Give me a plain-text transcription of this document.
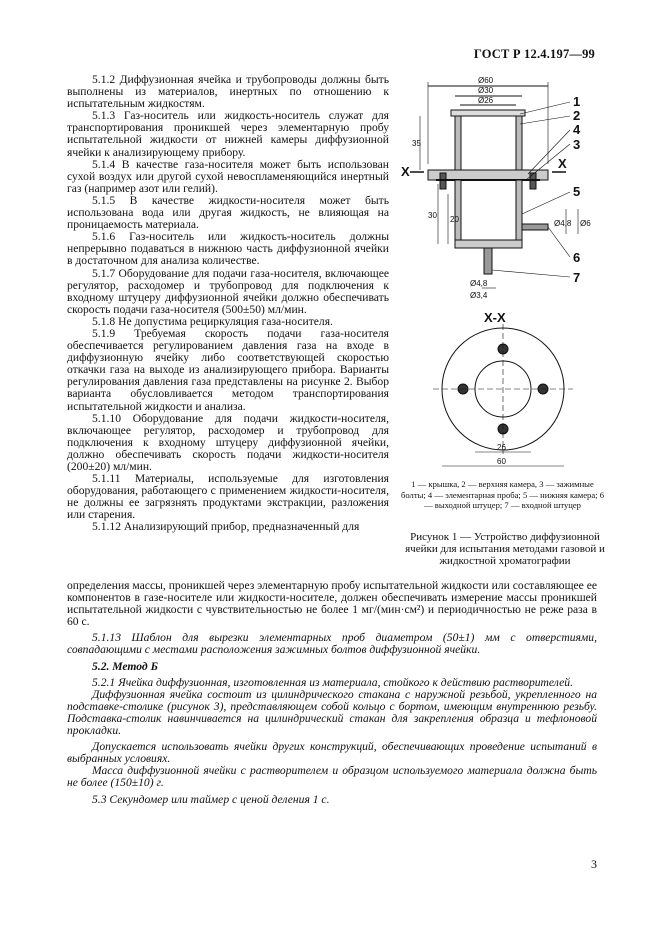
ГОСТ Р 12.4.197—99

5.1.2 Диффузионная ячейка и трубопроводы должны быть выполнены из материалов, инертных по отношению к испытательным жидкостям.

5.1.3 Газ-носитель или жидкость-носитель служат для транспортирования проникшей через элементарную пробу испытательной жидкости от нижней камеры диффузионной ячейки к анализирующему прибору.

5.1.4 В качестве газа-носителя может быть использован сухой воздух или другой сухой невоспламеняющийся инертный газ (например азот или гелий).

5.1.5 В качестве жидкости-носителя может быть использована вода или другая жидкость, не влияющая на проницаемость материала.

5.1.6 Газ-носитель или жидкость-носитель должны непрерывно подаваться в нижнюю часть диффузионной ячейки в достаточном для анализа количестве.

5.1.7 Оборудование для подачи газа-носителя, включающее регулятор, расходомер и трубопровод для подключения к входному штуцеру диффузионной ячейки должно обеспечивать скорость подачи газа-носителя (500±50) мл/мин.

5.1.8 Не допустима рециркуляция газа-носителя.

5.1.9 Требуемая скорость подачи газа-носителя обеспечивается регулированием давления газа на входе в диффузионную ячейку либо соответствующей скоростью откачки газа на выходе из анализирующего прибора. Варианты регулирования давления газа представлены на рисунке 2. Выбор варианта обусловливается методом транспортирования испытательной жидкости и анализа.

5.1.10 Оборудование для подачи жидкости-носителя, включающее регулятор, расходомер и трубопровод для подключения к входному штуцеру диффузионной ячейки, должно обеспечивать скорость подачи жидкости-носителя (200±20) мл/мин.

5.1.11 Материалы, используемые для изготовления оборудования, работающего с применением жидкости-носителя, не должны ее загрязнять продуктами экстракции, разложения или старения.

5.1.12 Анализирующий прибор, предназначенный для

Ø60
Ø30
Ø26
35
30 20	Ø4,8 Ø6
Ø4,8
Ø3,4
26
60
1
2
4
3
5
6
7
X
X
X-X
1 — крышка, 2 — верхняя камера, 3 — зажимные болты; 4 — элементарная проба; 5 — нижняя камера; 6 — выходной штуцер; 7 — входной штуцер
Рисунок 1 — Устройство диффузионной ячейки для испытания методами газовой и жидкостной хроматографии

определения массы, проникшей через элементарную пробу испытательной жидкости или составляющее ее компонентов в газе-носителе или жидкости-носителе, должен обеспечивать измерение массы проникшей испытательной жидкости с чувствительностью не более 1 мг/(мин·см²) и периодичностью не реже раза в 60 с.

5.1.13 Шаблон для вырезки элементарных проб диаметром (50±1) мм с отверстиями, совпадающими с местами расположения зажимных болтов диффузионной ячейки.

5.2. Метод Б

5.2.1 Ячейка диффузионная, изготовленная из материала, стойкого к действию растворителей.

Диффузионная ячейка состоит из цилиндрического стакана с наружной резьбой, укрепленного на подставке-столике (рисунок 3), представляющем собой кольцо с бортом, имеющим внутреннюю резьбу. Подставка-столик навинчивается на цилиндрический стакан для закрепления образца и тефлоновой прокладки.

Допускается использовать ячейки других конструкций, обеспечивающих проведение испытаний в выбранных условиях.

Масса диффузионной ячейки с растворителем и образцом используемого материала должна быть не более (150±10) г.

5.3 Секундомер или таймер с ценой деления 1 с.

3
